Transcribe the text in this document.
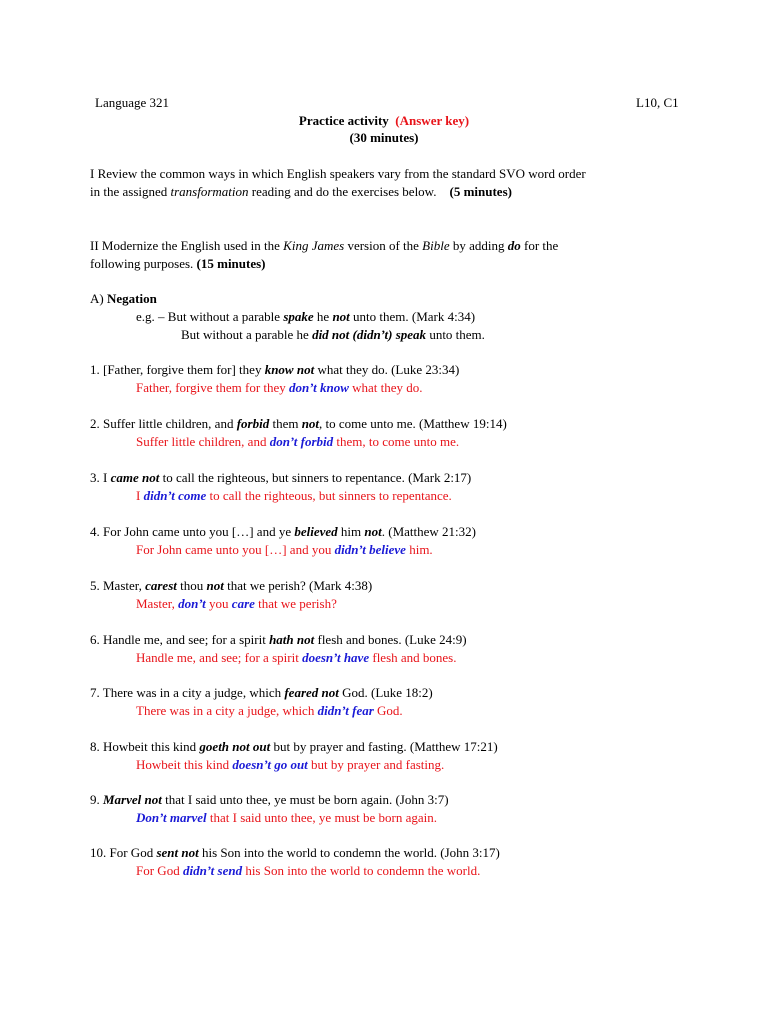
Language 321	L10, C1
Practice activity (Answer key)
(30 minutes)
I Review the common ways in which English speakers vary from the standard SVO word order
in the assigned transformation reading and do the exercises below. (5 minutes)
II Modernize the English used in the King James version of the Bible by adding do for the
following purposes. (15 minutes)
A) Negation
e.g. – But without a parable spake he not unto them. (Mark 4:34)
But without a parable he did not (didn’t) speak unto them.
1. [Father, forgive them for] they know not what they do. (Luke 23:34)
Father, forgive them for they don’t know what they do.
2. Suffer little children, and forbid them not, to come unto me. (Matthew 19:14)
Suffer little children, and don’t forbid them, to come unto me.
3. I came not to call the righteous, but sinners to repentance. (Mark 2:17)
I didn’t come to call the righteous, but sinners to repentance.
4. For John came unto you […] and ye believed him not. (Matthew 21:32)
For John came unto you […] and you didn’t believe him.
5. Master, carest thou not that we perish? (Mark 4:38)
Master, don’t you care that we perish?
6. Handle me, and see; for a spirit hath not flesh and bones. (Luke 24:9)
Handle me, and see; for a spirit doesn’t have flesh and bones.
7. There was in a city a judge, which feared not God. (Luke 18:2)
There was in a city a judge, which didn’t fear God.
8. Howbeit this kind goeth not out but by prayer and fasting. (Matthew 17:21)
Howbeit this kind doesn’t go out but by prayer and fasting.
9. Marvel not that I said unto thee, ye must be born again. (John 3:7)
Don’t marvel that I said unto thee, ye must be born again.
10. For God sent not his Son into the world to condemn the world. (John 3:17)
For God didn’t send his Son into the world to condemn the world.
